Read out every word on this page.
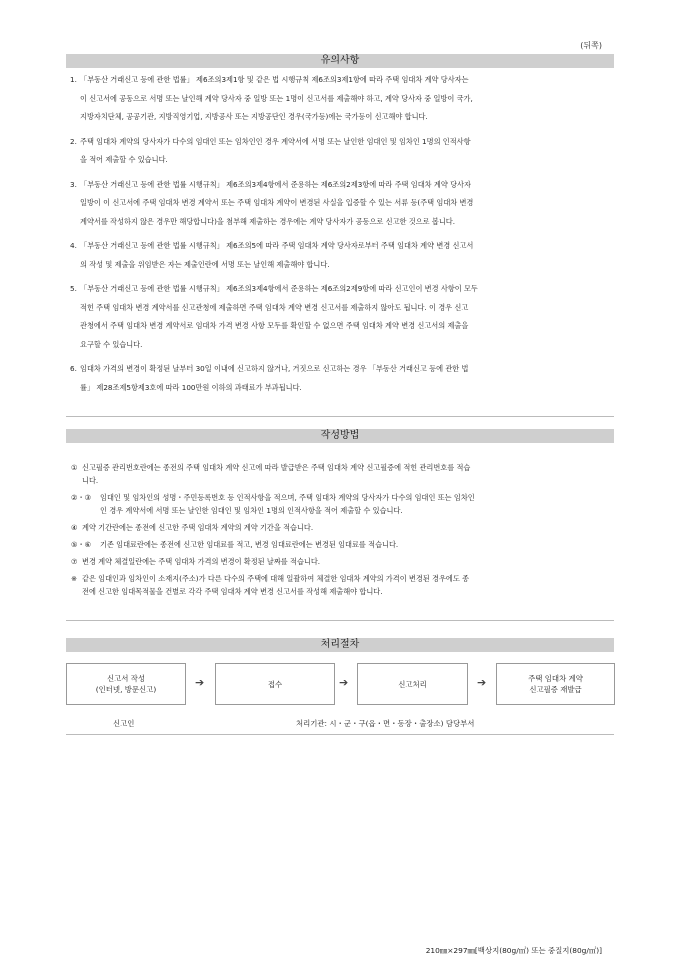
(뒤쪽)
유의사항
1. 「부동산 거래신고 등에 관한 법률」 제6조의3제1항 및 같은 법 시행규칙 제6조의3제1항에 따라 주택 임대차 계약 당사자는
이 신고서에 공동으로 서명 또는 날인해 계약 당사자 중 일방 또는 1명이 신고서를 제출해야 하고, 계약 당사자 중 일방이 국가,
지방자치단체, 공공기관, 지방직영기업, 지방공사 또는 지방공단인 경우(국가등)에는 국가등이 신고해야 합니다.
2. 주택 임대차 계약의 당사자가 다수의 임대인 또는 임차인인 경우 계약서에 서명 또는 날인한 임대인 및 임차인 1명의 인적사항
을 적어 제출할 수 있습니다.
3. 「부동산 거래신고 등에 관한 법률 시행규칙」 제6조의3제4항에서 준용하는 제6조의2제3항에 따라 주택 임대차 계약 당사자
일방이 이 신고서에 주택 임대차 변경 계약서 또는 주택 임대차 계약이 변경된 사실을 입증할 수 있는 서류 등(주택 임대차 변경
계약서를 작성하지 않은 경우만 해당합니다)을 첨부해 제출하는 경우에는 계약 당사자가 공동으로 신고한 것으로 봅니다.
4. 「부동산 거래신고 등에 관한 법률 시행규칙」 제6조의5에 따라 주택 임대차 계약 당사자로부터 주택 임대차 계약 변경 신고서
의 작성 및 제출을 위임받은 자는 제출인란에 서명 또는 날인해 제출해야 합니다.
5. 「부동산 거래신고 등에 관한 법률 시행규칙」 제6조의3제4항에서 준용하는 제6조의2제9항에 따라 신고인이 변경 사항이 모두
적힌 주택 임대차 변경 계약서를 신고관청에 제출하면 주택 임대차 계약 변경 신고서를 제출하지 않아도 됩니다. 이 경우 신고
관청에서 주택 임대차 변경 계약서로 임대차 가격 변경 사항 모두를 확인할 수 없으면 주택 임대차 계약 변경 신고서의 제출을
요구할 수 있습니다.
6. 임대차 가격의 변경이 확정된 날부터 30일 이내에 신고하지 않거나, 거짓으로 신고하는 경우 「부동산 거래신고 등에 관한 법
률」 제28조제5항제3호에 따라 100만원 이하의 과태료가 부과됩니다.
작성방법
① 신고필증 관리번호란에는 종전의 주택 임대차 계약 신고에 따라 발급받은 주택 임대차 계약 신고필증에 적힌 관리번호를 적습
니다.
②・③ 임대인 및 임차인의 성명・주민등록번호 등 인적사항을 적으며, 주택 임대차 계약의 당사자가 다수의 임대인 또는 임차인
인 경우 계약서에 서명 또는 날인한 임대인 및 임차인 1명의 인적사항을 적어 제출할 수 있습니다.
④ 계약 기간란에는 종전에 신고한 주택 임대차 계약의 계약 기간을 적습니다.
⑤・⑥ 기존 임대료란에는 종전에 신고한 임대료를 적고, 변경 임대료란에는 변경된 임대료를 적습니다.
⑦ 변경 계약 체결일란에는 주택 임대차 가격의 변경이 확정된 날짜를 적습니다.
※ 같은 임대인과 임차인이 소재지(주소)가 다른 다수의 주택에 대해 일괄하여 체결한 임대차 계약의 가격이 변경된 경우에도 종
전에 신고한 임대목적물을 건별로 각각 주택 임대차 계약 변경 신고서를 작성해 제출해야 합니다.
처리절차
신고서 작성
(인터넷, 방문신고)
➔	접수	➔	신고처리	➔	주택 임대차 계약
신고필증 재발급
신고인	처리기관: 시・군・구(읍・면・동장・출장소) 담당부서
210㎜×297㎜[백상지(80g/㎡) 또는 중질지(80g/㎡)]
